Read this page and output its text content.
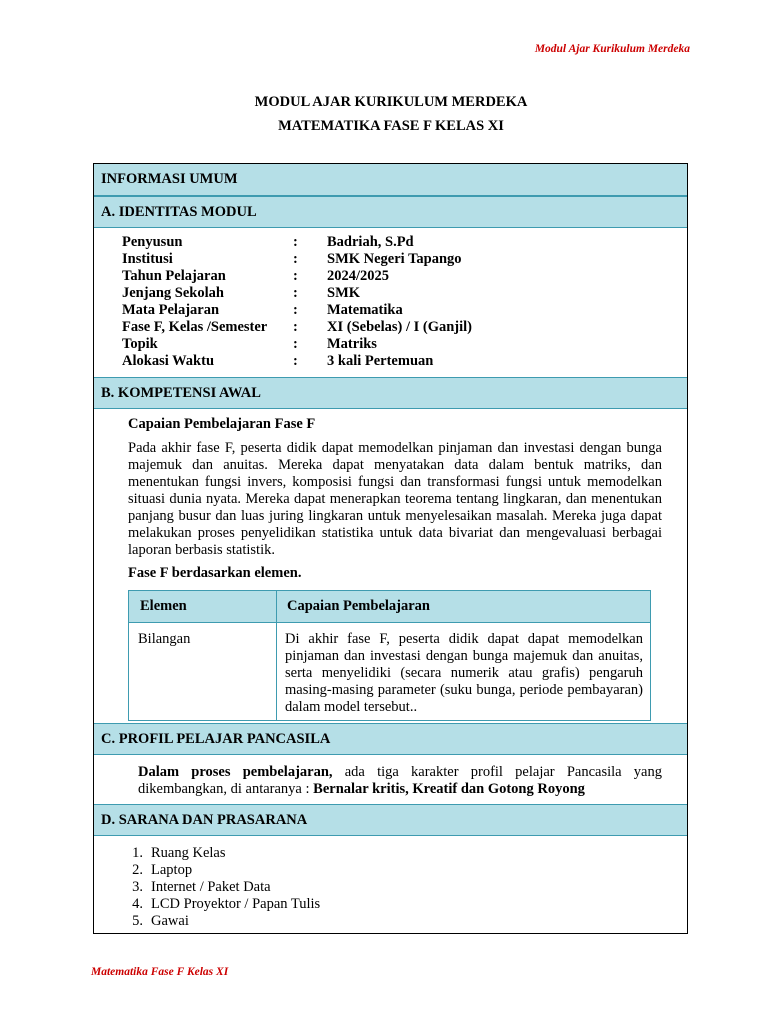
Modul Ajar Kurikulum Merdeka
MODUL AJAR KURIKULUM MERDEKA
MATEMATIKA FASE F KELAS XI
INFORMASI UMUM
A. IDENTITAS MODUL
Penyusun	:	Badriah, S.Pd
Institusi	:	SMK Negeri Tapango
Tahun Pelajaran	:	2024/2025
Jenjang Sekolah	:	SMK
Mata Pelajaran	:	Matematika
Fase F, Kelas /Semester	:	XI (Sebelas) / I (Ganjil)
Topik	:	Matriks
Alokasi Waktu	:	3 kali Pertemuan
B. KOMPETENSI AWAL
Capaian Pembelajaran Fase F
Pada akhir fase F, peserta didik dapat memodelkan pinjaman dan investasi dengan bunga majemuk dan anuitas. Mereka dapat menyatakan data dalam bentuk matriks, dan menentukan fungsi invers, komposisi fungsi dan transformasi fungsi untuk memodelkan situasi dunia nyata. Mereka dapat menerapkan teorema tentang lingkaran, dan menentukan panjang busur dan luas juring lingkaran untuk menyelesaikan masalah. Mereka juga dapat melakukan proses penyelidikan statistika untuk data bivariat dan mengevaluasi berbagai laporan berbasis statistik.
Fase F berdasarkan elemen.
Elemen	Capaian Pembelajaran
Bilangan	Di akhir fase F, peserta didik dapat dapat memodelkan pinjaman dan investasi dengan bunga majemuk dan anuitas, serta menyelidiki (secara numerik atau grafis) pengaruh masing-masing parameter (suku bunga, periode pembayaran) dalam model tersebut..
C. PROFIL PELAJAR PANCASILA
Dalam proses pembelajaran, ada tiga karakter profil pelajar Pancasila yang dikembangkan, di antaranya : Bernalar kritis, Kreatif dan Gotong Royong
D. SARANA DAN PRASARANA
1. Ruang Kelas
2. Laptop
3. Internet / Paket Data
4. LCD Proyektor / Papan Tulis
5. Gawai
Matematika Fase F Kelas XI
